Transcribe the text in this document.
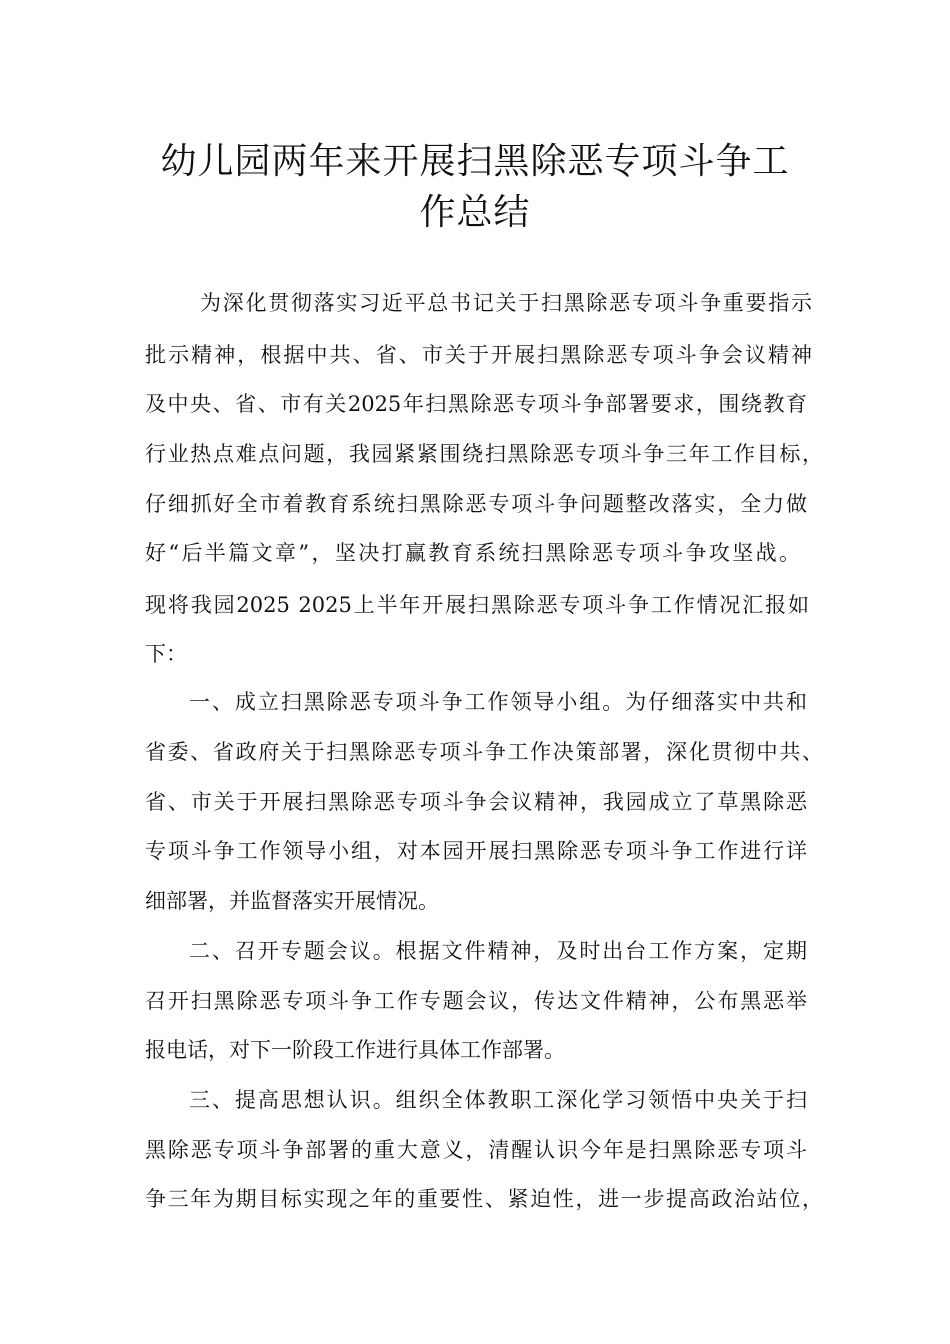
幼儿园两年来开展扫黑除恶专项斗争工
作总结
为深化贯彻落实习近平总书记关于扫黑除恶专项斗争重要指示
批示精神，根据中共、省、市关于开展扫黑除恶专项斗争会议精神
及中央、省、市有关2025年扫黑除恶专项斗争部署要求，围绕教育
行业热点难点问题，我园紧紧围绕扫黑除恶专项斗争三年工作目标，
仔细抓好全市着教育系统扫黑除恶专项斗争问题整改落实，全力做
好“后半篇文章”，坚决打赢教育系统扫黑除恶专项斗争攻坚战。
现将我园2025 2025上半年开展扫黑除恶专项斗争工作情况汇报如
下：
一、成立扫黑除恶专项斗争工作领导小组。为仔细落实中共和
省委、省政府关于扫黑除恶专项斗争工作决策部署，深化贯彻中共、
省、市关于开展扫黑除恶专项斗争会议精神，我园成立了草黑除恶
专项斗争工作领导小组，对本园开展扫黑除恶专项斗争工作进行详
细部署，并监督落实开展情况。
二、召开专题会议。根据文件精神，及时出台工作方案，定期
召开扫黑除恶专项斗争工作专题会议，传达文件精神，公布黑恶举
报电话，对下一阶段工作进行具体工作部署。
三、提高思想认识。组织全体教职工深化学习领悟中央关于扫
黑除恶专项斗争部署的重大意义，清醒认识今年是扫黑除恶专项斗
争三年为期目标实现之年的重要性、紧迫性，进一步提高政治站位，
